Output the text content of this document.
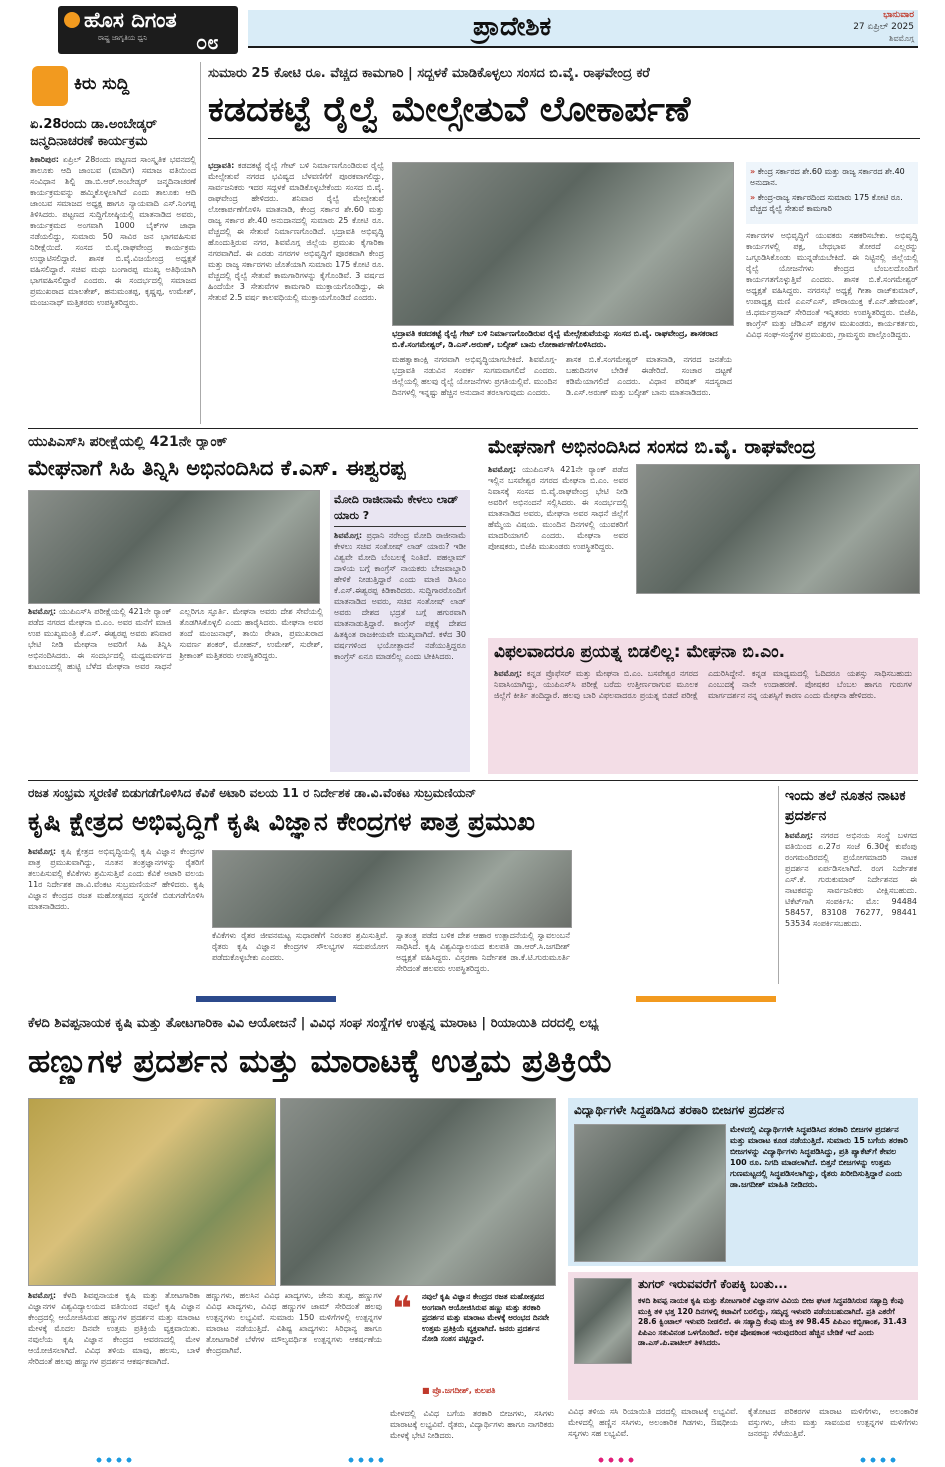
ಹೊಸ ದಿಗಂತ
ರಾಷ್ಟ್ರ ಜಾಗೃತಿಯ ಧ್ವನಿ ೦೮	ಪ್ರಾದೇಶಿಕ	ಭಾನುವಾರ
27 ಏಪ್ರಿಲ್ 2025
ಶಿವಮೊಗ್ಗ
ಕಿರು ಸುದ್ದಿ
ಏ.28ರಂದು ಡಾ.ಅಂಬೇಡ್ಕರ್ ಜನ್ಮದಿನಾಚರಣೆ ಕಾರ್ಯಕ್ರಮ
ಶಿಕಾರಿಪುರ: ಏಪ್ರಿಲ್ 28ರಂದು ಪಟ್ಟಣದ ಸಾಂಸ್ಕೃತಿಕ ಭವನದಲ್ಲಿ ತಾಲೂಕು ಆದಿ ಜಾಂಬವ (ಮಾದಿಗ) ಸಮಾಜ ವತಿಯಿಂದ ಸಂವಿಧಾನ ಶಿಲ್ಪಿ ಡಾ.ಬಿ.ಆರ್.ಅಂಬೇಡ್ಕರ್ ಜನ್ಮದಿನಾಚರಣೆ ಕಾರ್ಯಕ್ರಮವನ್ನು ಹಮ್ಮಿಕೊಳ್ಳಲಾಗಿದೆ ಎಂದು ತಾಲೂಕು ಆದಿ ಜಾಂಬವ ಸಮಾಜದ ಅಧ್ಯಕ್ಷ ಹಾಗೂ ನ್ಯಾಯವಾದಿ ಎಸ್.ನಿಂಗಪ್ಪ ತಿಳಿಸಿದರು. ಪಟ್ಟಣದ ಸುದ್ದಿಗೋಷ್ಠಿಯಲ್ಲಿ ಮಾತನಾಡಿದ ಅವರು, ಕಾರ್ಯಕ್ರಮದ ಅಂಗವಾಗಿ 1000 ಬೈಕ್‌ಗಳ ಜಾಥಾ ನಡೆಯಲಿದ್ದು, ಸುಮಾರು 50 ಸಾವಿರ ಜನ ಭಾಗವಹಿಸುವ ನಿರೀಕ್ಷೆಯಿದೆ. ಸಂಸದ ಬಿ.ವೈ.ರಾಘವೇಂದ್ರ ಕಾರ್ಯಕ್ರಮ ಉದ್ಘಾಟಿಸಲಿದ್ದಾರೆ. ಶಾಸಕ ಬಿ.ವೈ.ವಿಜಯೇಂದ್ರ ಅಧ್ಯಕ್ಷತೆ ವಹಿಸಲಿದ್ದಾರೆ. ಸಚಿವ ಮಧು ಬಂಗಾರಪ್ಪ ಮುಖ್ಯ ಅತಿಥಿಯಾಗಿ ಭಾಗವಹಿಸಲಿದ್ದಾರೆ ಎಂದರು. ಈ ಸಂದರ್ಭದಲ್ಲಿ ಸಮಾಜದ ಪ್ರಮುಖರಾದ ಮಾಲತೇಶ್, ಹನುಮಂತಪ್ಪ, ಕೃಷ್ಣಪ್ಪ, ಉಮೇಶ್, ಮಂಜುನಾಥ್ ಮತ್ತಿತರರು ಉಪಸ್ಥಿತರಿದ್ದರು.
ಸುಮಾರು 25 ಕೋಟಿ ರೂ. ವೆಚ್ಚದ ಕಾಮಗಾರಿ | ಸದ್ಬಳಕೆ ಮಾಡಿಕೊಳ್ಳಲು ಸಂಸದ ಬಿ.ವೈ. ರಾಘವೇಂದ್ರ ಕರೆ
ಕಡದಕಟ್ಟೆ ರೈಲ್ವೆ ಮೇಲ್ಸೇತುವೆ ಲೋಕಾರ್ಪಣೆ
ಭದ್ರಾವತಿ: ಕಡದಕಟ್ಟೆ ರೈಲ್ವೆ ಗೇಟ್ ಬಳಿ ನಿರ್ಮಾಣಗೊಂಡಿರುವ ರೈಲ್ವೆ ಮೇಲ್ಸೇತುವೆ ನಗರದ ಭವಿಷ್ಯದ ಬೆಳವಣಿಗೆಗೆ ಪೂರಕವಾಗಲಿದ್ದು, ಸಾರ್ವಜನಿಕರು ಇದರ ಸದ್ಬಳಕೆ ಮಾಡಿಕೊಳ್ಳಬೇಕೆಂದು ಸಂಸದ ಬಿ.ವೈ. ರಾಘವೇಂದ್ರ ಹೇಳಿದರು. ಶನಿವಾರ ರೈಲ್ವೆ ಮೇಲ್ಸೇತುವೆ ಲೋಕಾರ್ಪಣೆಗೊಳಿಸಿ ಮಾತನಾಡಿ, ಕೇಂದ್ರ ಸರ್ಕಾರ ಶೇ.60 ಮತ್ತು ರಾಜ್ಯ ಸರ್ಕಾರ ಶೇ.40 ಅನುದಾನದಲ್ಲಿ ಸುಮಾರು 25 ಕೋಟಿ ರೂ. ವೆಚ್ಚದಲ್ಲಿ ಈ ಸೇತುವೆ ನಿರ್ಮಾಣಗೊಂಡಿದೆ. ಭದ್ರಾವತಿ ಅಭಿವೃದ್ಧಿ ಹೊಂದುತ್ತಿರುವ ನಗರ, ಶಿವಮೊಗ್ಗ ಜಿಲ್ಲೆಯ ಪ್ರಮುಖ ಕೈಗಾರಿಕಾ ನಗರವಾಗಿದೆ. ಈ ಎರಡು ನಗರಗಳ ಅಭಿವೃದ್ಧಿಗೆ ಪೂರಕವಾಗಿ ಕೇಂದ್ರ ಮತ್ತು ರಾಜ್ಯ ಸರ್ಕಾರಗಳು ಜೊತೆಯಾಗಿ ಸುಮಾರು 175 ಕೋಟಿ ರೂ. ವೆಚ್ಚದಲ್ಲಿ ರೈಲ್ವೆ ಸೇತುವೆ ಕಾಮಗಾರಿಗಳನ್ನು ಕೈಗೊಂಡಿವೆ. 3 ವರ್ಷದ ಹಿಂದೆಯೇ 3 ಸೇತುವೆಗಳ ಕಾಮಗಾರಿ ಮುಕ್ತಾಯಗೊಂಡಿದ್ದು, ಈ ಸೇತುವೆ 2.5 ವರ್ಷ ಕಾಲವಧಿಯಲ್ಲಿ ಮುಕ್ತಾಯಗೊಂಡಿದೆ ಎಂದರು.
ಭದ್ರಾವತಿ ಕಡದಕಟ್ಟೆ ರೈಲ್ವೆ ಗೇಟ್ ಬಳಿ ನಿರ್ಮಾಣಗೊಂಡಿರುವ ರೈಲ್ವೆ ಮೇಲ್ಸೇತುವೆಯನ್ನು ಸಂಸದ ಬಿ.ವೈ. ರಾಘವೇಂದ್ರ, ಶಾಸಕರಾದ ಬಿ.ಕೆ.ಸಂಗಮೇಶ್ವರ್, ಡಿ.ಎಸ್.ಅರುಣ್, ಬಲ್ಕೀಶ್ ಬಾನು ಲೋಕಾರ್ಪಣೆಗೊಳಿಸಿದರು.
ಮಹತ್ವಾಕಾಂಕ್ಷಿ ನಗರವಾಗಿ ಅಭಿವೃದ್ಧಿಯಾಗಬೇಕಿದೆ. ಶಿವಮೊಗ್ಗ-ಭದ್ರಾವತಿ ನಡುವಿನ ಸಂಪರ್ಕ ಸುಗಮವಾಗಲಿದೆ ಎಂದರು. ಜಿಲ್ಲೆಯಲ್ಲಿ ಹಲವು ರೈಲ್ವೆ ಯೋಜನೆಗಳು ಪ್ರಗತಿಯಲ್ಲಿವೆ. ಮುಂದಿನ ದಿನಗಳಲ್ಲಿ ಇನ್ನಷ್ಟು ಹೆಚ್ಚಿನ ಅನುದಾನ ತರಲಾಗುವುದು ಎಂದರು.
ಶಾಸಕ ಬಿ.ಕೆ.ಸಂಗಮೇಶ್ವರ್ ಮಾತನಾಡಿ, ನಗರದ ಜನತೆಯ ಬಹುದಿನಗಳ ಬೇಡಿಕೆ ಈಡೇರಿದೆ. ಸಂಚಾರ ದಟ್ಟಣೆ ಕಡಿಮೆಯಾಗಲಿದೆ ಎಂದರು. ವಿಧಾನ ಪರಿಷತ್ ಸದಸ್ಯರಾದ ಡಿ.ಎಸ್.ಅರುಣ್ ಮತ್ತು ಬಲ್ಕೀಶ್ ಬಾನು ಮಾತನಾಡಿದರು.
» ಕೇಂದ್ರ ಸರ್ಕಾರದ ಶೇ.60 ಮತ್ತು ರಾಜ್ಯ ಸರ್ಕಾರದ ಶೇ.40 ಅನುದಾನ.
» ಕೇಂದ್ರ-ರಾಜ್ಯ ಸರ್ಕಾರದಿಂದ ಸುಮಾರು 175 ಕೋಟಿ ರೂ. ವೆಚ್ಚದ ರೈಲ್ವೆ ಸೇತುವೆ ಕಾಮಗಾರಿ
ಸರ್ಕಾರಗಳ ಅಭಿವೃದ್ಧಿಗೆ ಯುವಕರು ಸಹಕರಿಸಬೇಕು. ಅಭಿವೃದ್ಧಿ ಕಾರ್ಯಗಳಲ್ಲಿ ಪಕ್ಷ, ಬೇಧಭಾವ ತೋರದೆ ಎಲ್ಲರನ್ನು ಒಗ್ಗೂಡಿಸಿಕೊಂಡು ಮುನ್ನಡೆಯಬೇಕಿದೆ. ಈ ನಿಟ್ಟಿನಲ್ಲಿ ಜಿಲ್ಲೆಯಲ್ಲಿ ರೈಲ್ವೆ ಯೋಜನೆಗಳು ಕೇಂದ್ರದ ಬೆಂಬಲದೊಂದಿಗೆ ಕಾರ್ಯಗತಗೊಳ್ಳುತ್ತಿವೆ ಎಂದರು. ಶಾಸಕ ಬಿ.ಕೆ.ಸಂಗಮೇಶ್ವರ್ ಅಧ್ಯಕ್ಷತೆ ವಹಿಸಿದ್ದರು. ನಗರಸಭೆ ಅಧ್ಯಕ್ಷೆ ಗೀತಾ ರಾಜ್‌ಕುಮಾರ್, ಉಪಾಧ್ಯಕ್ಷ ಮಣಿ ಎಎನ್‌ಎಸ್, ಪೌರಾಯುಕ್ತ ಕೆ.ಎನ್.ಹೇಮಂತ್, ಜಿ.ಧರ್ಮಪ್ರಸಾದ್ ಸೇರಿದಂತೆ ಇನ್ನಿತರರು ಉಪಸ್ಥಿತರಿದ್ದರು. ಬಿಜೆಪಿ, ಕಾಂಗ್ರೆಸ್ ಮತ್ತು ಜೆಡಿಎಸ್ ಪಕ್ಷಗಳ ಮುಖಂಡರು, ಕಾರ್ಯಕರ್ತರು, ವಿವಿಧ ಸಂಘ-ಸಂಸ್ಥೆಗಳ ಪ್ರಮುಖರು, ಗ್ರಾಮಸ್ಥರು ಪಾಲ್ಗೊಂಡಿದ್ದರು.
ಯುಪಿಎಸ್‌ಸಿ ಪರೀಕ್ಷೆಯಲ್ಲಿ 421ನೇ ರ್‍ಯಾಂಕ್
ಮೇಘನಾಗೆ ಸಿಹಿ ತಿನ್ನಿಸಿ ಅಭಿನಂದಿಸಿದ ಕೆ.ಎಸ್. ಈಶ್ವರಪ್ಪ
ಶಿವಮೊಗ್ಗ: ಯುಪಿಎಸ್‌ಸಿ ಪರೀಕ್ಷೆಯಲ್ಲಿ 421ನೇ ರ್‍ಯಾಂಕ್ ಪಡೆದ ನಗರದ ಮೇಘನಾ ಬಿ.ಎಂ. ಅವರ ಮನೆಗೆ ಮಾಜಿ ಉಪ ಮುಖ್ಯಮಂತ್ರಿ ಕೆ.ಎಸ್. ಈಶ್ವರಪ್ಪ ಅವರು ಶನಿವಾರ ಭೇಟಿ ನೀಡಿ ಮೇಘನಾ ಅವರಿಗೆ ಸಿಹಿ ತಿನ್ನಿಸಿ ಅಭಿನಂದಿಸಿದರು. ಈ ಸಂದರ್ಭದಲ್ಲಿ ಮಧ್ಯಮವರ್ಗದ ಕುಟುಂಬದಲ್ಲಿ ಹುಟ್ಟಿ ಬೆಳೆದ ಮೇಘನಾ ಅವರ ಸಾಧನೆ ಎಲ್ಲರಿಗೂ ಸ್ಫೂರ್ತಿ. ಮೇಘನಾ ಅವರು ದೇಶ ಸೇವೆಯಲ್ಲಿ ತೊಡಗಿಸಿಕೊಳ್ಳಲಿ ಎಂದು ಹಾರೈಸಿದರು. ಮೇಘನಾ ಅವರ ತಂದೆ ಮಂಜುನಾಥ್, ತಾಯಿ ರೇಖಾ, ಪ್ರಮುಖರಾದ ಸುವರ್ಣ ಶಂಕರ್, ಮೋಹನ್, ಉಮೇಶ್, ಸುರೇಶ್, ಶ್ರೀಕಾಂತ್ ಮತ್ತಿತರರು ಉಪಸ್ಥಿತರಿದ್ದರು.
ಮೋದಿ ರಾಜೀನಾಮೆ ಕೇಳಲು ಲಾಡ್ ಯಾರು ?
ಶಿವಮೊಗ್ಗ: ಪ್ರಧಾನಿ ನರೇಂದ್ರ ಮೋದಿ ರಾಜೀನಾಮೆ ಕೇಳಲು ಸಚಿವ ಸಂತೋಷ್ ಲಾಡ್ ಯಾರು? ಇಡೀ ವಿಶ್ವವೇ ಮೋದಿ ಬೆಂಬಲಕ್ಕೆ ನಿಂತಿದೆ. ಪಹಲ್ಗಾಮ್ ದಾಳಿಯ ಬಗ್ಗೆ ಕಾಂಗ್ರೆಸ್ ನಾಯಕರು ಬೇಜವಾಬ್ದಾರಿ ಹೇಳಿಕೆ ನೀಡುತ್ತಿದ್ದಾರೆ ಎಂದು ಮಾಜಿ ಡಿಸಿಎಂ ಕೆ.ಎಸ್.ಈಶ್ವರಪ್ಪ ಕಿಡಿಕಾರಿದರು. ಸುದ್ದಿಗಾರರೊಂದಿಗೆ ಮಾತನಾಡಿದ ಅವರು, ಸಚಿವ ಸಂತೋಷ್ ಲಾಡ್ ಅವರು ದೇಶದ ಭದ್ರತೆ ಬಗ್ಗೆ ಹಗುರವಾಗಿ ಮಾತನಾಡುತ್ತಿದ್ದಾರೆ. ಕಾಂಗ್ರೆಸ್ ಪಕ್ಷಕ್ಕೆ ದೇಶದ ಹಿತಕ್ಕಿಂತ ರಾಜಕೀಯವೇ ಮುಖ್ಯವಾಗಿದೆ. ಕಳೆದ 30 ವರ್ಷಗಳಿಂದ ಭಯೋತ್ಪಾದನೆ ನಡೆಯುತ್ತಿದ್ದರೂ ಕಾಂಗ್ರೆಸ್ ಏನೂ ಮಾಡಲಿಲ್ಲ ಎಂದು ಟೀಕಿಸಿದರು.
ಮೇಘನಾಗೆ ಅಭಿನಂದಿಸಿದ ಸಂಸದ ಬಿ.ವೈ. ರಾಘವೇಂದ್ರ
ಶಿವಮೊಗ್ಗ: ಯುಪಿಎಸ್‌ಸಿ 421ನೇ ರ್‍ಯಾಂಕ್ ಪಡೆದ ಇಲ್ಲಿನ ಬಸವೇಶ್ವರ ನಗರದ ಮೇಘನಾ ಬಿ.ಎಂ. ಅವರ ನಿವಾಸಕ್ಕೆ ಸಂಸದ ಬಿ.ವೈ.ರಾಘವೇಂದ್ರ ಭೇಟಿ ನೀಡಿ ಅವರಿಗೆ ಅಭಿನಂದನೆ ಸಲ್ಲಿಸಿದರು. ಈ ಸಂದರ್ಭದಲ್ಲಿ ಮಾತನಾಡಿದ ಅವರು, ಮೇಘನಾ ಅವರ ಸಾಧನೆ ಜಿಲ್ಲೆಗೆ ಹೆಮ್ಮೆಯ ವಿಷಯ. ಮುಂದಿನ ದಿನಗಳಲ್ಲಿ ಯುವಕರಿಗೆ ಮಾದರಿಯಾಗಲಿ ಎಂದರು. ಮೇಘನಾ ಅವರ ಪೋಷಕರು, ಬಿಜೆಪಿ ಮುಖಂಡರು ಉಪಸ್ಥಿತರಿದ್ದರು.
ವಿಫಲವಾದರೂ ಪ್ರಯತ್ನ ಬಿಡಲಿಲ್ಲ: ಮೇಘನಾ ಬಿ.ಎಂ.
ಶಿವಮೊಗ್ಗ: ಕನ್ನಡ ಪ್ರೊಫೆಸರ್ ಮತ್ತು ಮೇಘನಾ ಬಿ.ಎಂ. ಬಸವೇಶ್ವರ ನಗರದ ನಿವಾಸಿಯಾಗಿದ್ದು, ಯುಪಿಎಸ್‌ಸಿ ಪರೀಕ್ಷೆ ಬರೆದು ಉತ್ತೀರ್ಣರಾಗುವ ಮೂಲಕ ಜಿಲ್ಲೆಗೆ ಕೀರ್ತಿ ತಂದಿದ್ದಾರೆ. ಹಲವು ಬಾರಿ ವಿಫಲವಾದರೂ ಪ್ರಯತ್ನ ಬಿಡದೆ ಪರೀಕ್ಷೆ ಎದುರಿಸಿದ್ದೇನೆ. ಕನ್ನಡ ಮಾಧ್ಯಮದಲ್ಲಿ ಓದಿದರೂ ಯಶಸ್ಸು ಸಾಧಿಸಬಹುದು ಎಂಬುದಕ್ಕೆ ನಾನೇ ಉದಾಹರಣೆ. ಪೋಷಕರ ಬೆಂಬಲ ಹಾಗೂ ಗುರುಗಳ ಮಾರ್ಗದರ್ಶನ ನನ್ನ ಯಶಸ್ಸಿಗೆ ಕಾರಣ ಎಂದು ಮೇಘನಾ ಹೇಳಿದರು.
ರಜತ ಸಂಭ್ರಮ ಸ್ಮರಣಿಕೆ ಬಿಡುಗಡೆಗೊಳಿಸಿದ ಕೆವಿಕೆ ಅಟಾರಿ ವಲಯ 11 ರ ನಿರ್ದೇಶಕ ಡಾ.ವಿ.ವೆಂಕಟ ಸುಬ್ರಮಣಿಯನ್
ಕೃಷಿ ಕ್ಷೇತ್ರದ ಅಭಿವೃದ್ಧಿಗೆ ಕೃಷಿ ವಿಜ್ಞಾನ ಕೇಂದ್ರಗಳ ಪಾತ್ರ ಪ್ರಮುಖ
ಶಿವಮೊಗ್ಗ: ಕೃಷಿ ಕ್ಷೇತ್ರದ ಅಭಿವೃದ್ಧಿಯಲ್ಲಿ ಕೃಷಿ ವಿಜ್ಞಾನ ಕೇಂದ್ರಗಳ ಪಾತ್ರ ಪ್ರಮುಖವಾಗಿದ್ದು, ನೂತನ ತಂತ್ರಜ್ಞಾನಗಳನ್ನು ರೈತರಿಗೆ ತಲುಪಿಸುವಲ್ಲಿ ಕೆವಿಕೆಗಳು ಶ್ರಮಿಸುತ್ತಿವೆ ಎಂದು ಕೆವಿಕೆ ಅಟಾರಿ ವಲಯ 11ರ ನಿರ್ದೇಶಕ ಡಾ.ವಿ.ವೆಂಕಟ ಸುಬ್ರಮಣಿಯನ್ ಹೇಳಿದರು. ಕೃಷಿ ವಿಜ್ಞಾನ ಕೇಂದ್ರದ ರಜತ ಮಹೋತ್ಸವದ ಸ್ಮರಣಿಕೆ ಬಿಡುಗಡೆಗೊಳಿಸಿ ಮಾತನಾಡಿದರು.
ಕೆವಿಕೆಗಳು ರೈತರ ಜೀವನಮಟ್ಟ ಸುಧಾರಣೆಗೆ ನಿರಂತರ ಶ್ರಮಿಸುತ್ತಿವೆ. ರೈತರು ಕೃಷಿ ವಿಜ್ಞಾನ ಕೇಂದ್ರಗಳ ಸೌಲಭ್ಯಗಳ ಸದುಪಯೋಗ ಪಡೆದುಕೊಳ್ಳಬೇಕು ಎಂದರು.
ಸ್ವಾತಂತ್ರ್ಯ ಪಡೆದ ಬಳಿಕ ದೇಶ ಆಹಾರ ಉತ್ಪಾದನೆಯಲ್ಲಿ ಸ್ವಾವಲಂಬನೆ ಸಾಧಿಸಿದೆ. ಕೃಷಿ ವಿಶ್ವವಿದ್ಯಾಲಯದ ಕುಲಪತಿ ಡಾ.ಆರ್.ಸಿ.ಜಗದೀಶ್ ಅಧ್ಯಕ್ಷತೆ ವಹಿಸಿದ್ದರು. ವಿಸ್ತರಣಾ ನಿರ್ದೇಶಕ ಡಾ.ಕೆ.ಟಿ.ಗುರುಮೂರ್ತಿ ಸೇರಿದಂತೆ ಹಲವರು ಉಪಸ್ಥಿತರಿದ್ದರು.
ಇಂದು ತಲೆ ನೂತನ ನಾಟಕ ಪ್ರದರ್ಶನ
ಶಿವಮೊಗ್ಗ: ನಗರದ ಅಭಿನಯ ಸಂಸ್ಥೆ ಬಳಗದ ವತಿಯಿಂದ ಏ.27ರ ಸಂಜೆ 6.30ಕ್ಕೆ ಕುವೆಂಪು ರಂಗಮಂದಿರದಲ್ಲಿ ಪ್ರಯೋಗಮಾದರಿ ನಾಟಕ ಪ್ರದರ್ಶನ ಏರ್ಪಡಿಸಲಾಗಿದೆ. ರಂಗ ನಿರ್ದೇಶಕ ಎಸ್.ಕೆ. ಗುರುಕುಮಾರ್ ನಿರ್ದೇಶನದ ಈ ನಾಟಕವನ್ನು ಸಾರ್ವಜನಿಕರು ವೀಕ್ಷಿಸಬಹುದು. ಟಿಕೆಟ್‌ಗಾಗಿ ಸಂಪರ್ಕಿಸಿ: ಮೊ: 94484 58457, 83108 76277, 98441 53534 ಸಂಪರ್ಕಿಸಬಹುದು.
ಕೆಳದಿ ಶಿವಪ್ಪನಾಯಕ ಕೃಷಿ ಮತ್ತು ತೋಟಗಾರಿಕಾ ವಿವಿ ಆಯೋಜನೆ | ವಿವಿಧ ಸಂಘ ಸಂಸ್ಥೆಗಳ ಉತ್ಪನ್ನ ಮಾರಾಟ | ರಿಯಾಯಿತಿ ದರದಲ್ಲಿ ಲಭ್ಯ
ಹಣ್ಣುಗಳ ಪ್ರದರ್ಶನ ಮತ್ತು ಮಾರಾಟಕ್ಕೆ ಉತ್ತಮ ಪ್ರತಿಕ್ರಿಯೆ
ಶಿವಮೊಗ್ಗ: ಕೆಳದಿ ಶಿವಪ್ಪನಾಯಕ ಕೃಷಿ ಮತ್ತು ತೋಟಗಾರಿಕಾ ವಿಜ್ಞಾನಗಳ ವಿಶ್ವವಿದ್ಯಾಲಯದ ವತಿಯಿಂದ ನವುಲೆ ಕೃಷಿ ವಿಜ್ಞಾನ ಕೇಂದ್ರದಲ್ಲಿ ಆಯೋಜಿಸಿರುವ ಹಣ್ಣುಗಳ ಪ್ರದರ್ಶನ ಮತ್ತು ಮಾರಾಟ ಮೇಳಕ್ಕೆ ಮೊದಲ ದಿನವೇ ಉತ್ತಮ ಪ್ರತಿಕ್ರಿಯೆ ವ್ಯಕ್ತವಾಯಿತು. ನವುಲೆಯ ಕೃಷಿ ವಿಜ್ಞಾನ ಕೇಂದ್ರದ ಆವರಣದಲ್ಲಿ ಮೇಳ ಆಯೋಜಿಸಲಾಗಿದೆ. ವಿವಿಧ ತಳಿಯ ಮಾವು, ಹಲಸು, ಬಾಳೆ ಸೇರಿದಂತೆ ಹಲವು ಹಣ್ಣುಗಳ ಪ್ರದರ್ಶನ ಆಕರ್ಷಕವಾಗಿದೆ.
ಹಣ್ಣುಗಳು, ಹಲಸಿನ ವಿವಿಧ ಖಾದ್ಯಗಳು, ಜೇನು ತುಪ್ಪ, ಹಣ್ಣುಗಳ ವಿವಿಧ ಖಾದ್ಯಗಳು, ವಿವಿಧ ಹಣ್ಣುಗಳ ಜಾಮ್ ಸೇರಿದಂತೆ ಹಲವು ಉತ್ಪನ್ನಗಳು ಲಭ್ಯವಿವೆ. ಸುಮಾರು 150 ಮಳಿಗೆಗಳಲ್ಲಿ ಉತ್ಪನ್ನಗಳ ಮಾರಾಟ ನಡೆಯುತ್ತಿದೆ. ವಿಶಿಷ್ಟ ಖಾದ್ಯಗಳು: ಸಿರಿಧಾನ್ಯ ಹಾಗೂ ತೋಟಗಾರಿಕೆ ಬೆಳೆಗಳ ಮೌಲ್ಯವರ್ಧಿತ ಉತ್ಪನ್ನಗಳು ಆಕರ್ಷಣೆಯ ಕೇಂದ್ರವಾಗಿವೆ.
❝ ನವುಲೆ ಕೃಷಿ ವಿಜ್ಞಾನ ಕೇಂದ್ರದ ರಜತ ಮಹೋತ್ಸವದ ಅಂಗವಾಗಿ ಆಯೋಜಿಸಿರುವ ಹಣ್ಣು ಮತ್ತು ತರಕಾರಿ ಪ್ರದರ್ಶನ ಮತ್ತು ಮಾರಾಟ ಮೇಳಕ್ಕೆ ಅರಂಭದ ದಿನವೇ ಉತ್ತಮ ಪ್ರತಿಕ್ರಿಯೆ ವ್ಯಕ್ತವಾಗಿದೆ. ಜನರು ಪ್ರದರ್ಶನ ನೋಡಿ ಸಂತಸ ಪಟ್ಟಿದ್ದಾರೆ.
■ ಪ್ರೊ.ಜಗದೀಶ್, ಕುಲಪತಿ
ಮೇಳದಲ್ಲಿ ವಿವಿಧ ಬಗೆಯ ತರಕಾರಿ ಬೀಜಗಳು, ಸಸಿಗಳು ಮಾರಾಟಕ್ಕೆ ಲಭ್ಯವಿವೆ. ರೈತರು, ವಿದ್ಯಾರ್ಥಿಗಳು ಹಾಗೂ ನಾಗರಿಕರು ಮೇಳಕ್ಕೆ ಭೇಟಿ ನೀಡಿದರು.
ವಿದ್ಯಾರ್ಥಿಗಳೇ ಸಿದ್ಧಪಡಿಸಿದ ತರಕಾರಿ ಬೀಜಗಳ ಪ್ರದರ್ಶನ
ಮೇಳದಲ್ಲಿ ವಿದ್ಯಾರ್ಥಿಗಳೇ ಸಿದ್ಧಪಡಿಸಿದ ತರಕಾರಿ ಬೀಜಗಳ ಪ್ರದರ್ಶನ ಮತ್ತು ಮಾರಾಟ ಕೂಡ ನಡೆಯುತ್ತಿದೆ. ಸುಮಾರು 15 ಬಗೆಯ ತರಕಾರಿ ಬೀಜಗಳನ್ನು ವಿದ್ಯಾರ್ಥಿಗಳು ಸಿದ್ಧಪಡಿಸಿದ್ದು, ಪ್ರತಿ ಪ್ಯಾಕೆಟ್‌ಗೆ ಕೇವಲ 100 ರೂ. ನಿಗದಿ ಮಾಡಲಾಗಿದೆ. ಬಿತ್ತನೆ ಬೀಜಗಳನ್ನು ಉತ್ತಮ ಗುಣಮಟ್ಟದಲ್ಲಿ ಸಿದ್ಧಪಡಿಸಲಾಗಿದ್ದು, ರೈತರು ಖರೀದಿಸುತ್ತಿದ್ದಾರೆ ಎಂದು ಡಾ.ಜಗದೀಶ್ ಮಾಹಿತಿ ನೀಡಿದರು.
ತುಗರ್ ಇರುವವರೆಗೆ ಕೆಂಪಕ್ಕಿ ಬಂತು...
ಕಳದಿ ಶಿವಪ್ಪ ನಾಯಕ ಕೃಷಿ ಮತ್ತು ತೋಟಗಾರಿಕೆ ವಿಜ್ಞಾನಗಳ ವಿವಿಯ ಬೀಜ ಘಟಕ ಸಿದ್ಧಪಡಿಸಿರುವ ಸಹ್ಯಾದ್ರಿ ಕೆಂಪು ಮುಕ್ತಿ ತಳಿ ಭತ್ತ 120 ದಿನಗಳಲ್ಲಿ ಕಟಾವಿಗೆ ಬರಲಿದ್ದು, ಸಮೃದ್ಧ ಇಳುವರಿ ಪಡೆಯಬಹುದಾಗಿದೆ. ಪ್ರತಿ ಎಕರೆಗೆ 28.6 ಕ್ವಿಂಟಾಲ್ ಇಳುವರಿ ನೀಡಲಿದೆ. ಈ ಸಹ್ಯಾದ್ರಿ ಕೆಂಪು ಮುಕ್ತಿ ತಳಿ 98.45 ಪಿಪಿಎಂ ಕಬ್ಬಿಣಾಂಶ, 31.43 ಪಿಪಿಎಂ ಸತುವಿನಂಶ ಒಳಗೊಂಡಿದೆ. ಅಧಿಕ ಪೋಷಕಾಂಶ ಇರುವುದರಿಂದ ಹೆಚ್ಚಿನ ಬೇಡಿಕೆ ಇದೆ ಎಂದು ಡಾ.ಎಸ್.ಪಿ.ಪಾಟೀಲ್ ತಿಳಿಸಿದರು.
ವಿವಿಧ ತಳಿಯ ಸಸಿ ರಿಯಾಯಿತಿ ದರದಲ್ಲಿ ಮಾರಾಟಕ್ಕೆ ಲಭ್ಯವಿವೆ. ಮೇಳದಲ್ಲಿ ಹಣ್ಣಿನ ಸಸಿಗಳು, ಅಲಂಕಾರಿಕ ಗಿಡಗಳು, ಔಷಧೀಯ ಸಸ್ಯಗಳು ಸಹ ಲಭ್ಯವಿವೆ.
ಕೈತೋಟದ ಪರಿಕರಗಳ ಮಾರಾಟ ಮಳಿಗೆಗಳು, ಅಲಂಕಾರಿಕ ವಸ್ತುಗಳು, ಜೇನು ಮತ್ತು ಸಾವಯವ ಉತ್ಪನ್ನಗಳ ಮಳಿಗೆಗಳು ಜನರನ್ನು ಸೆಳೆಯುತ್ತಿವೆ.
